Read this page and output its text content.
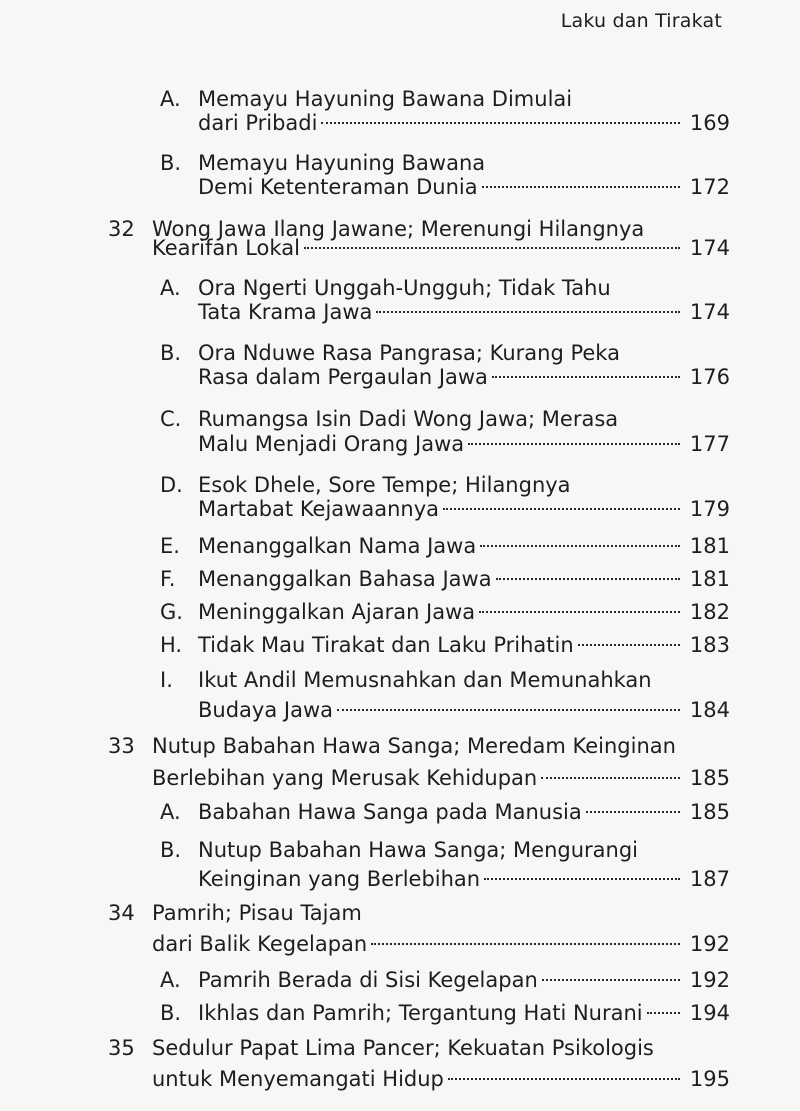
Laku dan Tirakat
A. Memayu Hayuning Bawana Dimulai
dari Pribadi	169
B. Memayu Hayuning Bawana
Demi Ketenteraman Dunia	172
32 Wong Jawa Ilang Jawane; Merenungi Hilangnya
Kearifan Lokal	174
A. Ora Ngerti Unggah-Ungguh; Tidak Tahu
Tata Krama Jawa	174
B. Ora Nduwe Rasa Pangrasa; Kurang Peka
Rasa dalam Pergaulan Jawa	176
C. Rumangsa Isin Dadi Wong Jawa; Merasa
Malu Menjadi Orang Jawa	177
D. Esok Dhele, Sore Tempe; Hilangnya
Martabat Kejawaannya	179
E. Menanggalkan Nama Jawa	181
F.	Menanggalkan Bahasa Jawa	181
G. Meninggalkan Ajaran Jawa	182
H. Tidak Mau Tirakat dan Laku Prihatin	183
I.	Ikut Andil Memusnahkan dan Memunahkan
Budaya Jawa	184
33 Nutup Babahan Hawa Sanga; Meredam Keinginan
Berlebihan yang Merusak Kehidupan	185
A. Babahan Hawa Sanga pada Manusia	185
B. Nutup Babahan Hawa Sanga; Mengurangi
Keinginan yang Berlebihan	187
34 Pamrih; Pisau Tajam
dari Balik Kegelapan	192
A. Pamrih Berada di Sisi Kegelapan	192
B. Ikhlas dan Pamrih; Tergantung Hati Nurani 194
35 Sedulur Papat Lima Pancer; Kekuatan Psikologis
untuk Menyemangati Hidup	195
